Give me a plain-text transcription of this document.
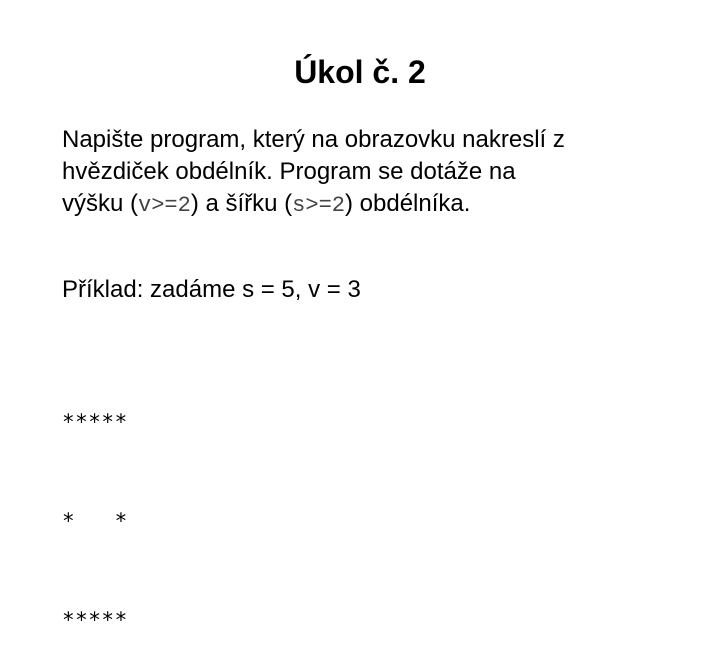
Úkol č. 2

Napište program, který na obrazovku nakreslí z

hvězdiček obdélník. Program se dotáže na

výšku (v>=2) a šířku (s>=2) obdélníka.

Příklad: zadáme s = 5, v = 3

*****

*   *

*****
